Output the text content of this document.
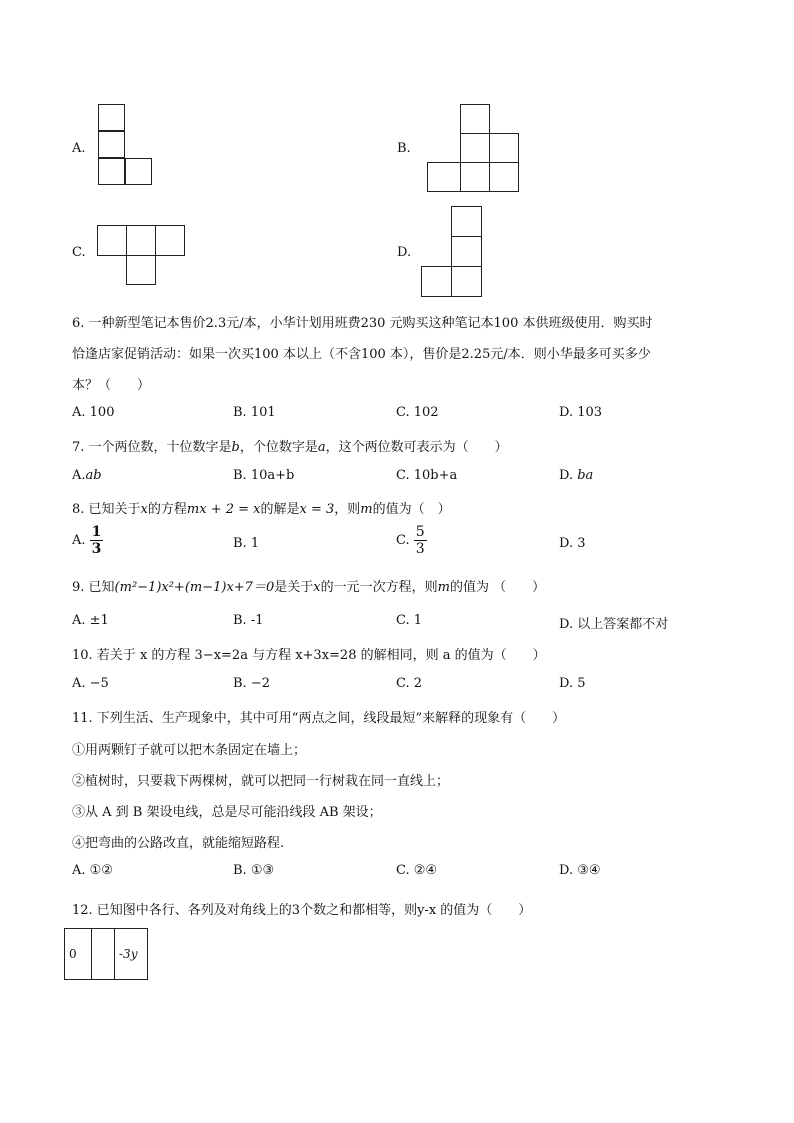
A.	B.
C.	D.
6. 一种新型笔记本售价2.3元/本，小华计划用班费230 元购买这种笔记本100 本供班级使用．购买时
恰逢店家促销活动：如果一次买100 本以上（不含100 本），售价是2.25元/本．则小华最多可买多少
本？（　　）
A. 100	B. 101	C. 102	D. 103
7. 一个两位数，十位数字是b，个位数字是a，这个两位数可表示为（　　）
A.ab	B. 10a+b	C. 10b+a	D. ba
8. 已知关于x的方程mx + 2 = x的解是x = 3，则m的值为（　）
A. $\frac{1}{3}$	B. 1	C. $\frac{5}{3}$	D. 3
9. 已知(m²−1)x²+(m−1)x+7＝0是关于x的一元一次方程，则m的值为 （　　）
A. ±1	B. -1	C. 1	D. 以上答案都不对
10. 若关于 x 的方程 3−x=2a 与方程 x+3x=28 的解相同，则 a 的值为（　　）
A. −5	B. −2	C. 2	D. 5
11. 下列生活、生产现象中，其中可用“两点之间，线段最短”来解释的现象有（　　）
①用两颗钉子就可以把木条固定在墙上；
②植树时，只要栽下两棵树，就可以把同一行树栽在同一直线上；
③从 A 到 B 架设电线，总是尽可能沿线段 AB 架设；
④把弯曲的公路改直，就能缩短路程.
A. ①②	B. ①③	C. ②④	D. ③④
12. 已知图中各行、各列及对角线上的3个数之和都相等，则y-x 的值为（　　）
0		-3y
